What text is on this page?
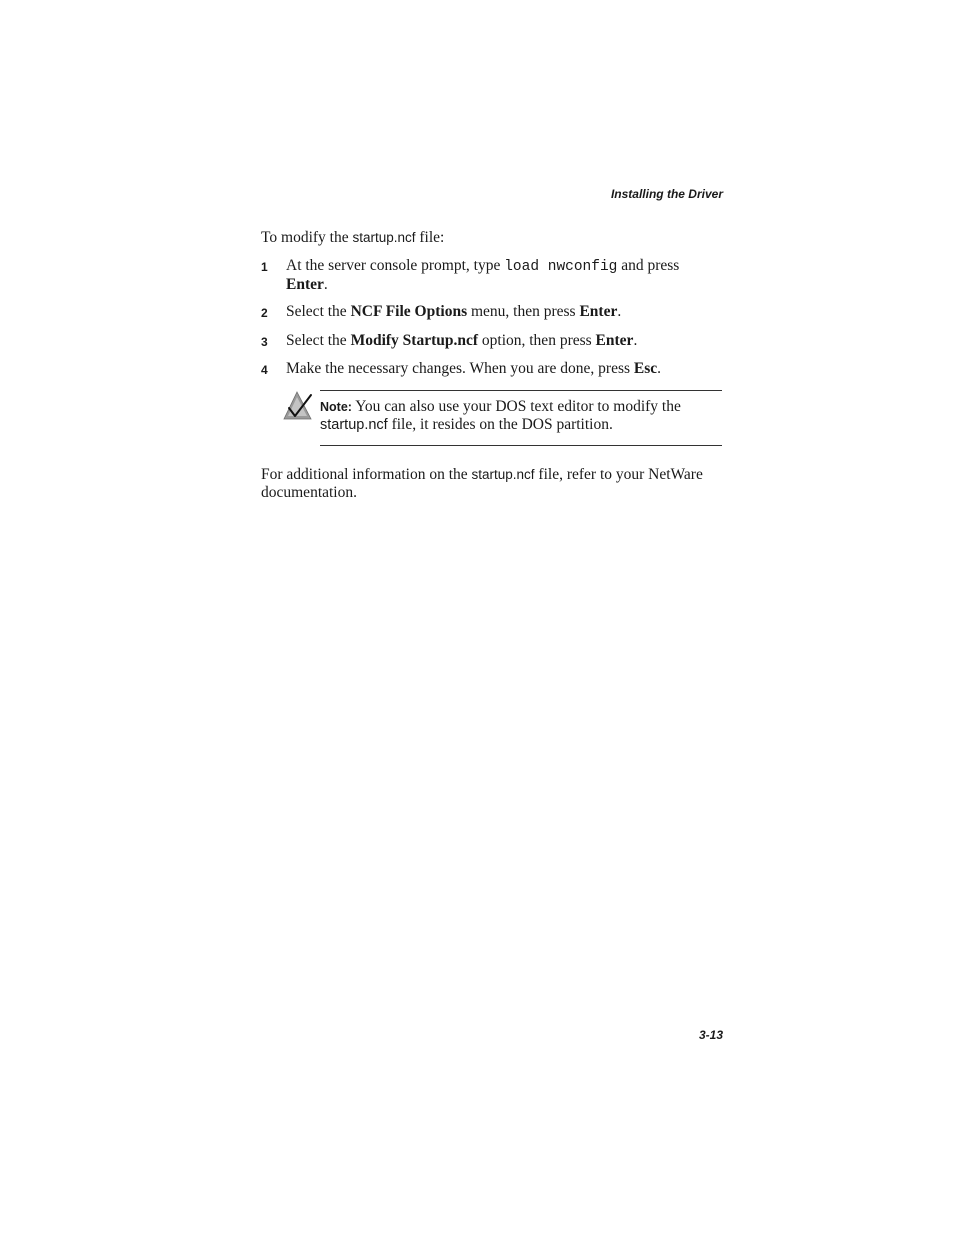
Installing the Driver
To modify the startup.ncf file:
1 At the server console prompt, type load nwconfig and press Enter.
2 Select the NCF File Options menu, then press Enter.
3 Select the Modify Startup.ncf option, then press Enter.
4 Make the necessary changes. When you are done, press Esc.
Note: You can also use your DOS text editor to modify the startup.ncf file, it resides on the DOS partition.
For additional information on the startup.ncf file, refer to your NetWare documentation.
3-13
